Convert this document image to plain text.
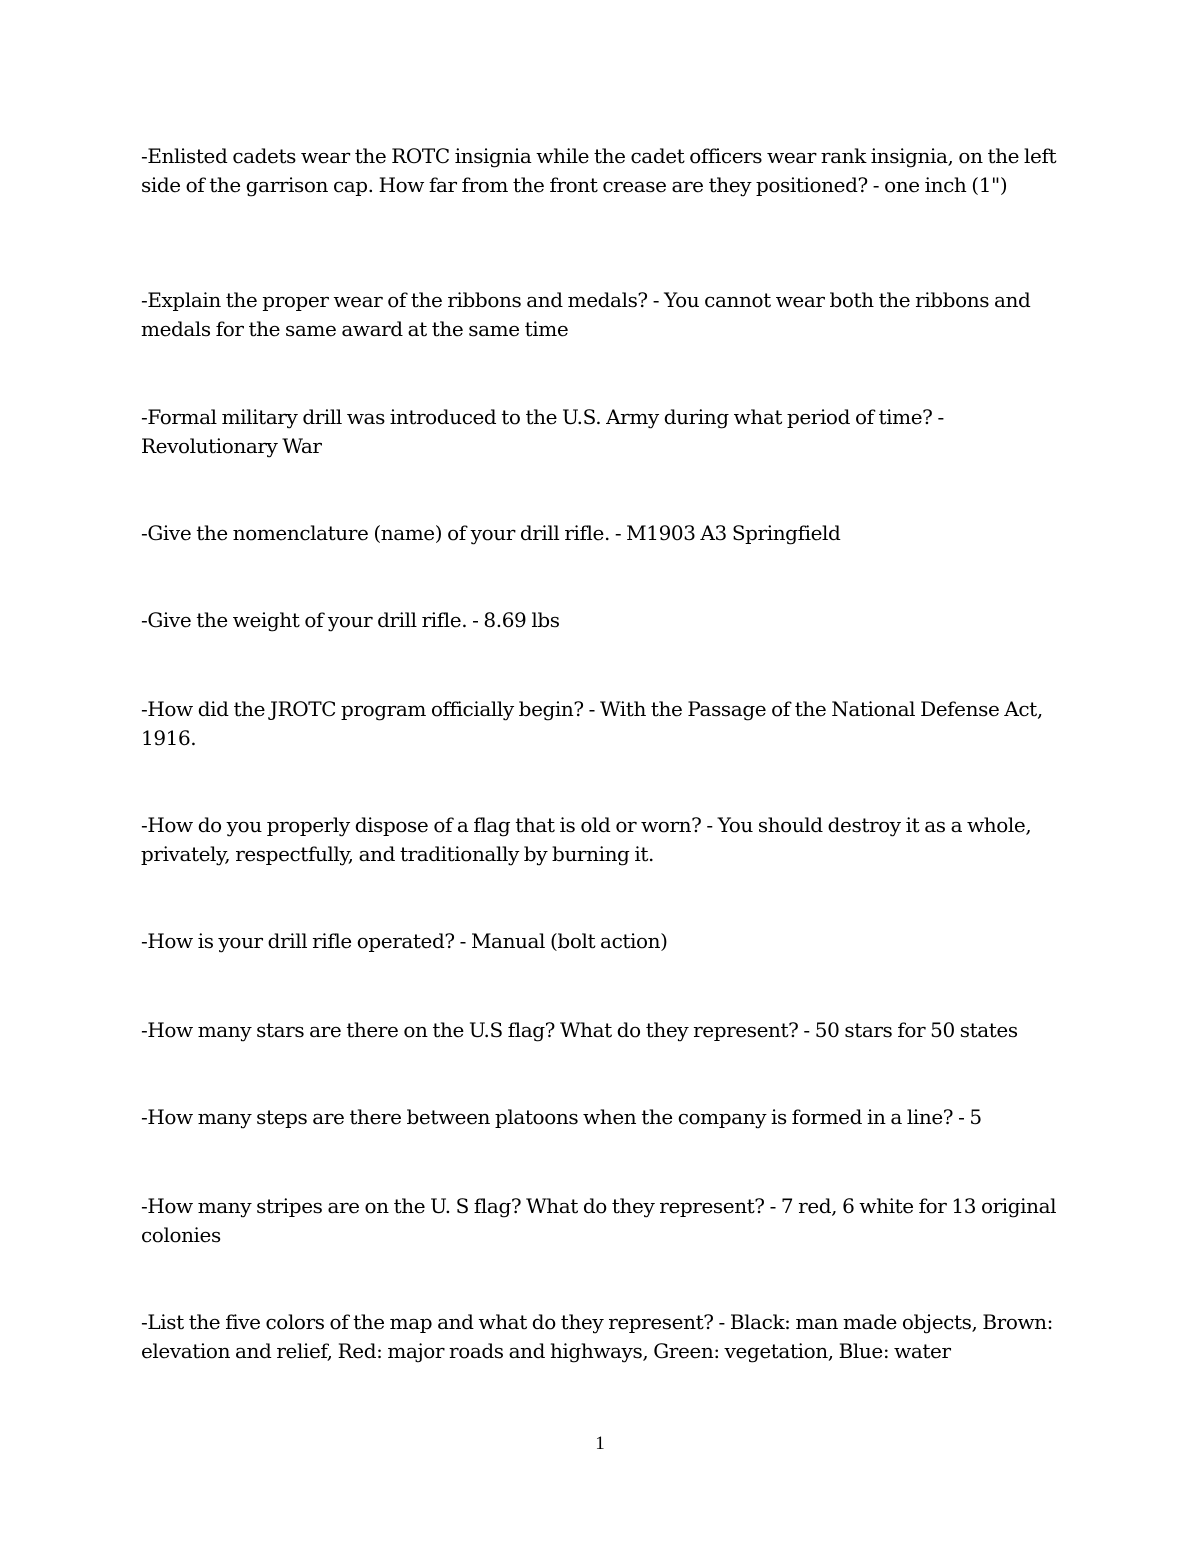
-Enlisted cadets wear the ROTC insignia while the cadet officers wear rank insignia, on the left side of the garrison cap. How far from the front crease are they positioned? - one inch (1")

-Explain the proper wear of the ribbons and medals? - You cannot wear both the ribbons and medals for the same award at the same time

-Formal military drill was introduced to the U.S. Army during what period of time? - Revolutionary War

-Give the nomenclature (name) of your drill rifle. - M1903 A3 Springfield

-Give the weight of your drill rifle. - 8.69 lbs

-How did the JROTC program officially begin? - With the Passage of the National Defense Act, 1916.

-How do you properly dispose of a flag that is old or worn? - You should destroy it as a whole, privately, respectfully, and traditionally by burning it.

-How is your drill rifle operated? - Manual (bolt action)

-How many stars are there on the U.S flag? What do they represent? - 50 stars for 50 states

-How many steps are there between platoons when the company is formed in a line? - 5

-How many stripes are on the U. S flag? What do they represent? - 7 red, 6 white for 13 original colonies

-List the five colors of the map and what do they represent? - Black: man made objects, Brown: elevation and relief, Red: major roads and highways, Green: vegetation, Blue: water

1
